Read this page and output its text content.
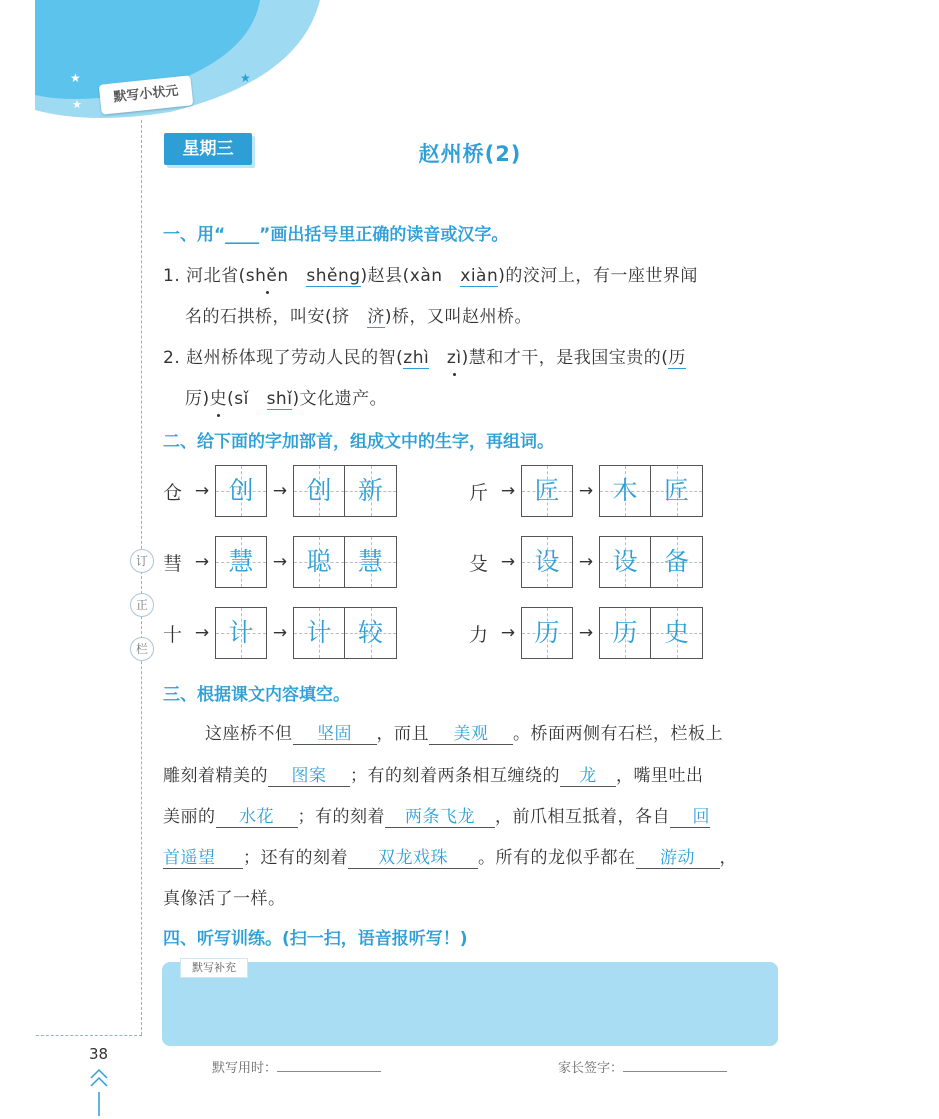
★
★
★
默写小状元
订
正
栏
星期三	赵州桥(2)
一、用“____”画出括号里正确的读音或汉字。
1. 河北省(shěn shěng)赵县(xàn xiàn)的洨河上，有一座世界闻
名的石拱桥，叫安(挤 济)桥，又叫赵州桥。
2. 赵州桥体现了劳动人民的智(zhì zì)慧和才干，是我国宝贵的(历
厉)史(sǐ shǐ)文化遗产。
二、给下面的字加部首，组成文中的生字，再组词。
仓 → 创	→ 创	新	斤 → 匠	→ 木	匠
彗 → 慧	→ 聪	慧	殳 → 设	→ 设	备
十 → 计	→ 计	较	力 → 历	→ 历	史
三、根据课文内容填空。
这座桥不但 坚固 ，而且 美观 。桥面两侧有石栏，栏板上
雕刻着精美的 图案 ；有的刻着两条相互缠绕的 龙 ，嘴里吐出
美丽的 水花 ；有的刻着 两条飞龙 ，前爪相互抵着，各自 回
首遥望 ；还有的刻着 双龙戏珠 。所有的龙似乎都在 游动 ，
真像活了一样。
四、听写训练。(扫一扫，语音报听写！)
默写补充
默写用时：	家长签字：
38
